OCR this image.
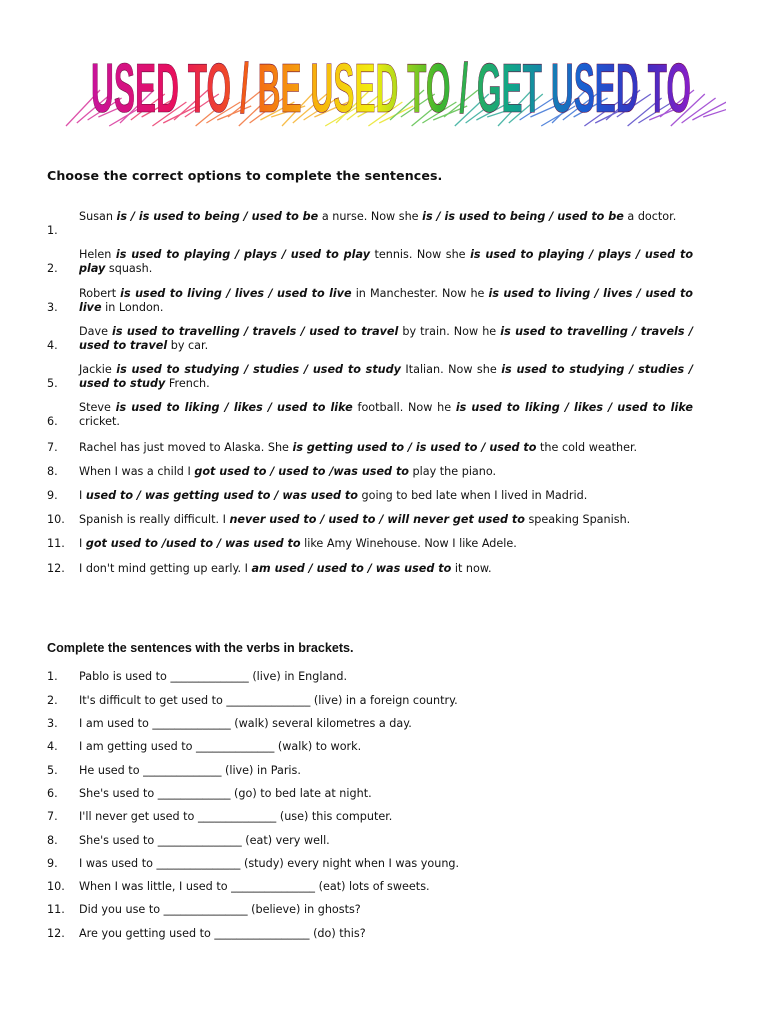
USED TO / BE USED TO / GET USED TO
Choose the correct options to complete the sentences.
1.
Susan is / is used to being / used to be a nurse. Now she is / is used to being / used to be a doctor.
2.
Helen is used to playing / plays / used to play tennis. Now she is used to playing / plays / used to play squash.
3.
Robert is used to living / lives / used to live in Manchester. Now he is used to living / lives / used to live in London.
4.
Dave is used to travelling / travels / used to travel by train. Now he is used to travelling / travels / used to travel by car.
5.
Jackie is used to studying / studies / used to study Italian. Now she is used to studying / studies / used to study French.
6.
Steve is used to liking / likes / used to like football. Now he is used to liking / likes / used to like cricket.
7. Rachel has just moved to Alaska. She is getting used to / is used to / used to the cold weather.
8. When I was a child I got used to / used to /was used to play the piano.
9. I used to / was getting used to / was used to going to bed late when I lived in Madrid.
10. Spanish is really difficult. I never used to / used to / will never get used to speaking Spanish.
11. I got used to /used to / was used to like Amy Winehouse. Now I like Adele.
12. I don't mind getting up early. I am used / used to / was used to it now.
Complete the sentences with the verbs in brackets.
1. Pablo is used to ______________ (live) in England.
2. It's difficult to get used to _______________ (live) in a foreign country.
3. I am used to ______________ (walk) several kilometres a day.
4. I am getting used to ______________ (walk) to work.
5. He used to ______________ (live) in Paris.
6. She's used to _____________ (go) to bed late at night.
7. I'll never get used to ______________ (use) this computer.
8. She's used to _______________ (eat) very well.
9. I was used to _______________ (study) every night when I was young.
10. When I was little, I used to _______________ (eat) lots of sweets.
11. Did you use to _______________ (believe) in ghosts?
12. Are you getting used to _________________ (do) this?
